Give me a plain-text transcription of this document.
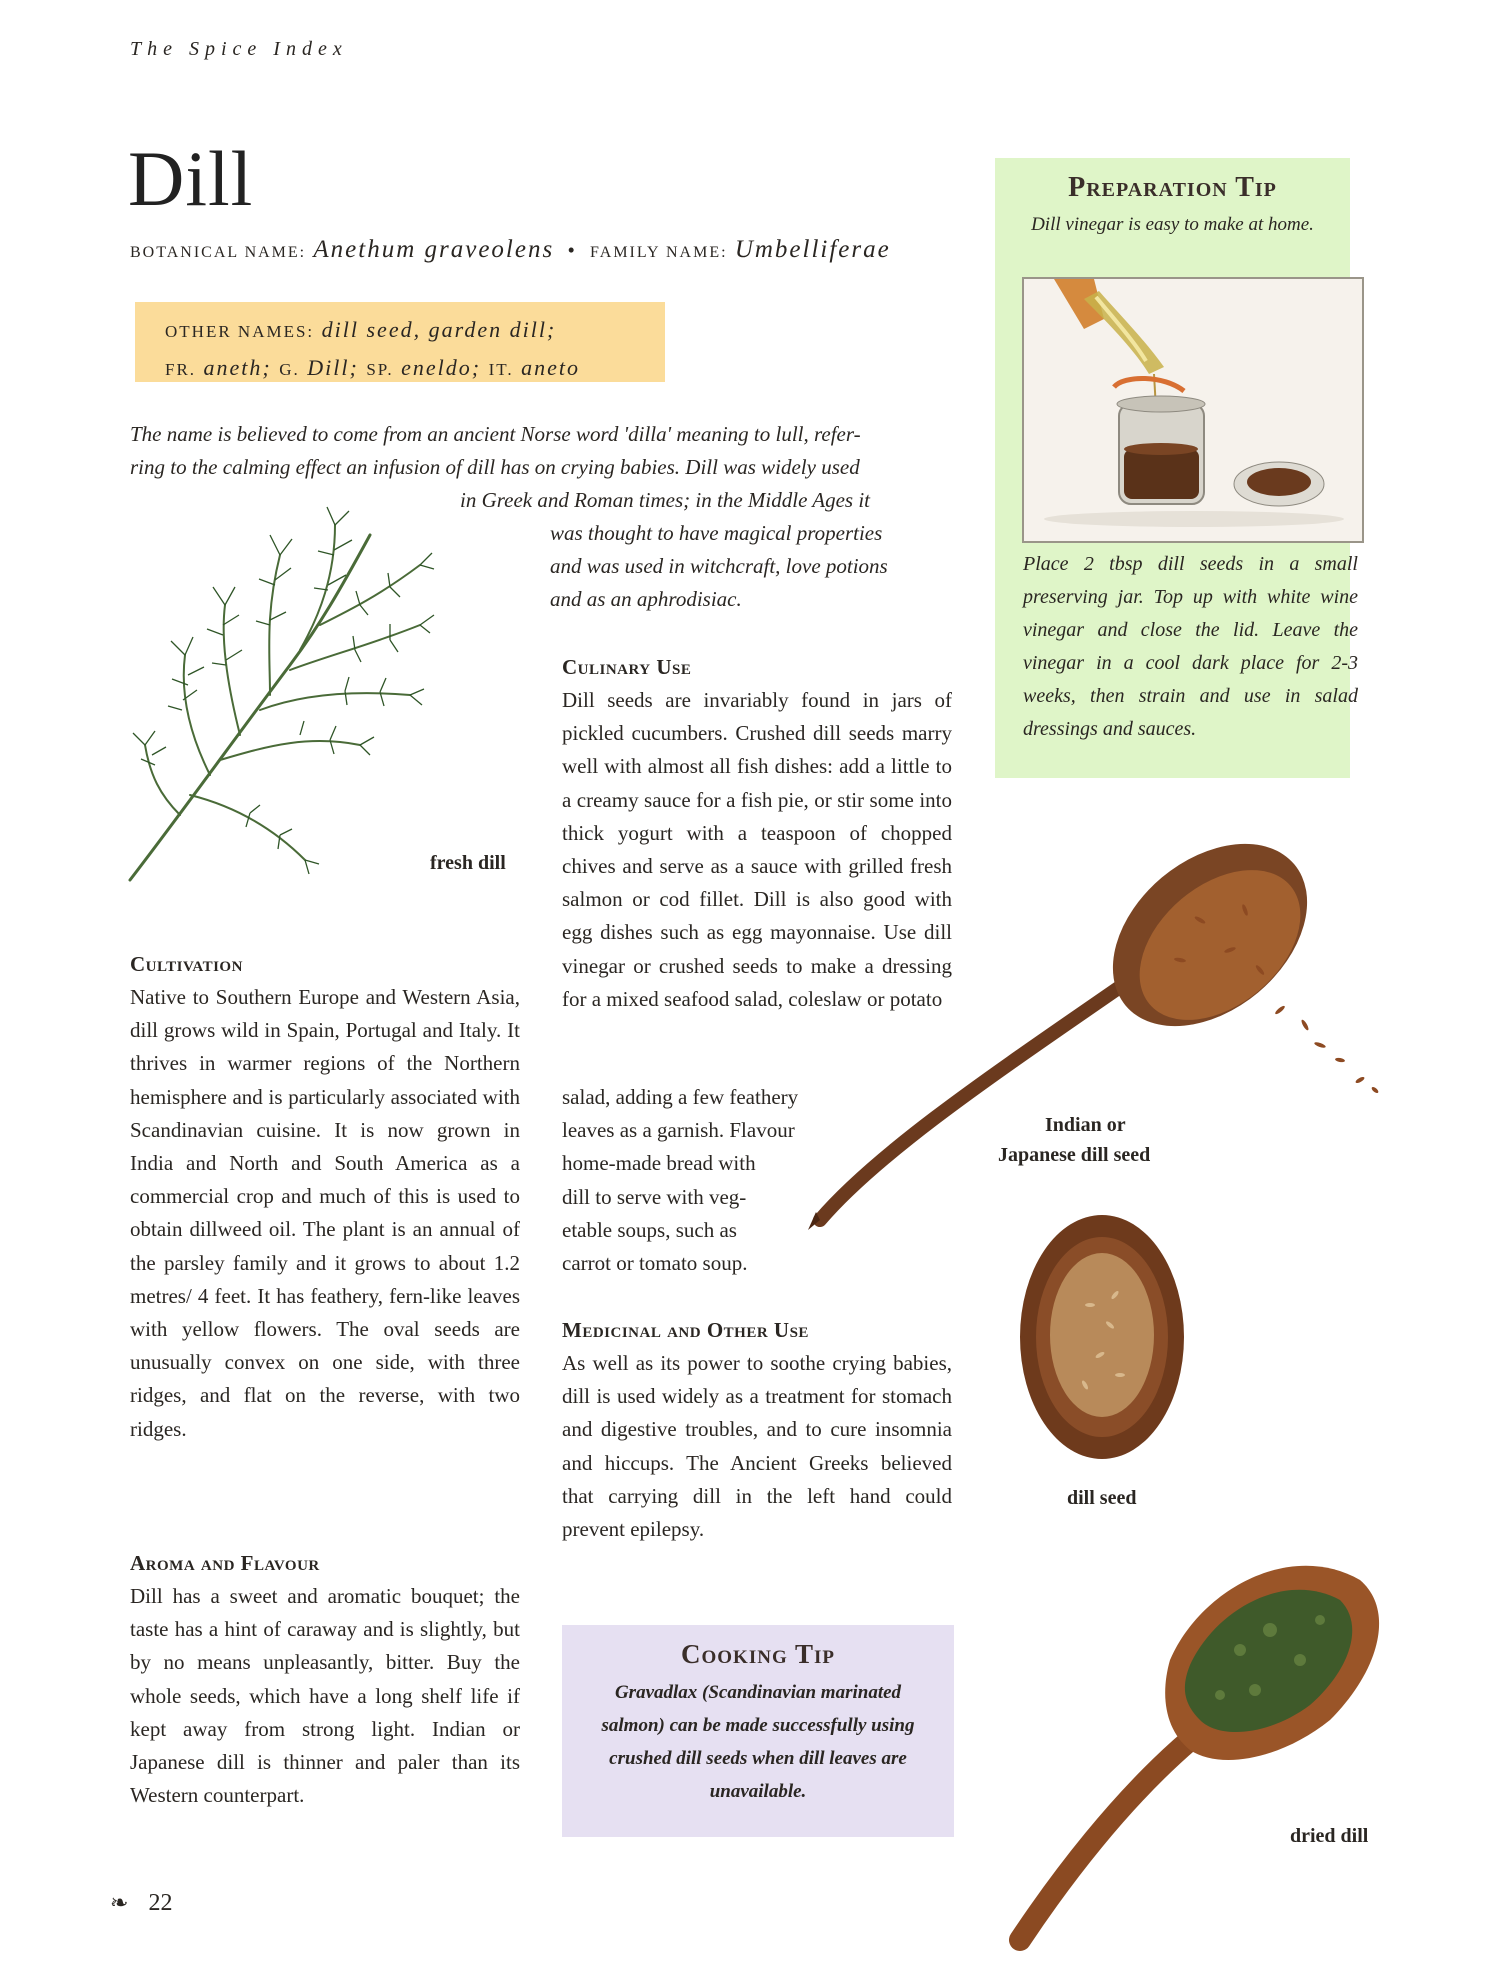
The Spice Index
Dill
BOTANICAL NAME: Anethum graveolens • FAMILY NAME: Umbelliferae
OTHER NAMES: dill seed, garden dill;
FR. aneth; G. Dill; SP. eneldo; IT. aneto

The name is believed to come from an ancient Norse word 'dilla' meaning to lull, refer-

ring to the calming effect an infusion of dill has on crying babies. Dill was widely used

in Greek and Roman times; in the Middle Ages it

was thought to have magical properties

and was used in witchcraft, love potions

and as an aphrodisiac.

fresh dill
Cultivation

Native to Southern Europe and Western Asia, dill grows wild in Spain, Portugal and Italy. It thrives in warmer regions of the Northern hemisphere and is particularly associated with Scandinavian cuisine. It is now grown in India and North and South America as a commercial crop and much of this is used to obtain dillweed oil. The plant is an annual of the parsley family and it grows to about 1.2 metres/ 4 feet. It has feathery, fern-like leaves with yellow flowers. The oval seeds are unusually convex on one side, with three ridges, and flat on the reverse, with two ridges.

Aroma and Flavour

Dill has a sweet and aromatic bouquet; the taste has a hint of caraway and is slightly, but by no means unpleasantly, bitter. Buy the whole seeds, which have a long shelf life if kept away from strong light. Indian or Japanese dill is thinner and paler than its Western counterpart.

Culinary Use

Dill seeds are invariably found in jars of pickled cucumbers. Crushed dill seeds marry well with almost all fish dishes: add a little to a creamy sauce for a fish pie, or stir some into thick yogurt with a teaspoon of chopped chives and serve as a sauce with grilled fresh salmon or cod fillet. Dill is also good with egg dishes such as egg mayonnaise. Use dill vinegar or crushed seeds to make a dressing for a mixed seafood salad, coleslaw or potato

salad, adding a few feathery
leaves as a garnish. Flavour
home-made bread with
dill to serve with veg-
etable soups, such as
carrot or tomato soup.
Medicinal and Other Use

As well as its power to soothe crying babies, dill is used widely as a treatment for stomach and digestive troubles, and to cure insomnia and hiccups. The Ancient Greeks believed that carrying dill in the left hand could prevent epilepsy.

Preparation Tip
Dill vinegar is easy to make at home.

Place 2 tbsp dill seeds in a small preserving jar. Top up with white wine vinegar and close the lid. Leave the vinegar in a cool dark place for 2-3 weeks, then strain and use in salad dressings and sauces.

Cooking Tip
Gravadlax (Scandinavian marinated salmon) can be made successfully using crushed dill seeds when dill leaves are unavailable.
Indian or
Japanese dill seed
dill seed
dried dill
❧ 22
